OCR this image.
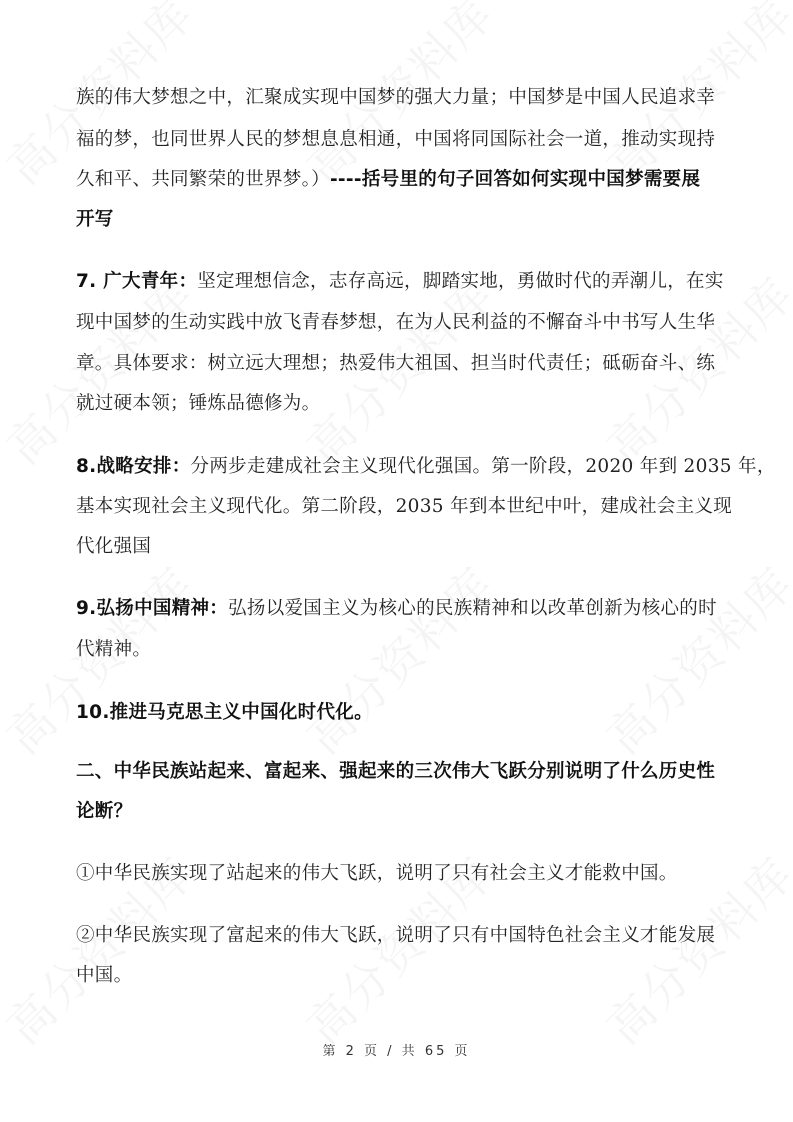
族的伟大梦想之中，汇聚成实现中国梦的强大力量；中国梦是中国人民追求幸
福的梦，也同世界人民的梦想息息相通，中国将同国际社会一道，推动实现持
久和平、共同繁荣的世界梦。）----括号里的句子回答如何实现中国梦需要展
开写
7. 广大青年：坚定理想信念，志存高远，脚踏实地，勇做时代的弄潮儿，在实
现中国梦的生动实践中放飞青春梦想，在为人民利益的不懈奋斗中书写人生华
章。具体要求：树立远大理想；热爱伟大祖国、担当时代责任；砥砺奋斗、练
就过硬本领；锤炼品德修为。
8.战略安排：分两步走建成社会主义现代化强国。第一阶段，2020 年到 2035 年，
基本实现社会主义现代化。第二阶段，2035 年到本世纪中叶，建成社会主义现
代化强国
9.弘扬中国精神：弘扬以爱国主义为核心的民族精神和以改革创新为核心的时
代精神。
10.推进马克思主义中国化时代化。
二、中华民族站起来、富起来、强起来的三次伟大飞跃分别说明了什么历史性
论断？
①中华民族实现了站起来的伟大飞跃，说明了只有社会主义才能救中国。
②中华民族实现了富起来的伟大飞跃，说明了只有中国特色社会主义才能发展
中国。
第 2 页 / 共 65 页
